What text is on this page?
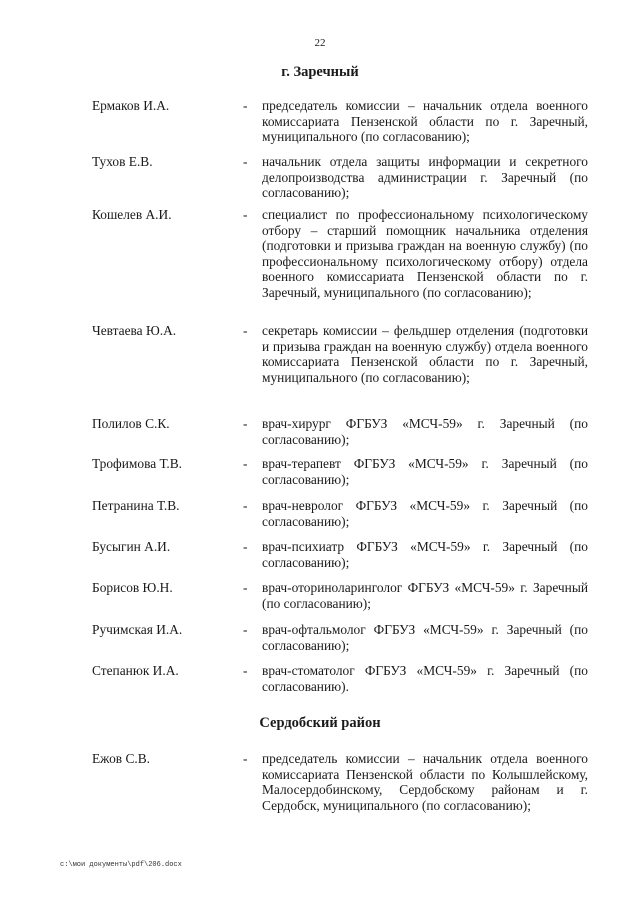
22
г. Заречный
Ермаков И.А.	- председатель комиссии – начальник отдела военного комиссариата Пензенской области по г. Заречный, муниципального (по согласованию);
Тухов Е.В.	- начальник отдела защиты информации и секретного делопроизводства администрации г. Заречный (по согласованию);
Кошелев А.И.	- специалист по профессиональному психологическому отбору – старший помощник начальника отделения (подготовки и призыва граждан на военную службу) (по профессиональному психологическому отбору) отдела военного комиссариата Пензенской области по г. Заречный, муниципального (по согласованию);
Чевтаева Ю.А.	- секретарь комиссии – фельдшер отделения (подготовки и призыва граждан на военную службу) отдела военного комиссариата Пензенской области по г. Заречный, муниципального (по согласованию);
Полилов С.К.	- врач-хирург ФГБУЗ «МСЧ-59» г. Заречный (по согласованию);
Трофимова Т.В.	- врач-терапевт ФГБУЗ «МСЧ-59» г. Заречный (по согласованию);
Петранина Т.В.	- врач-невролог ФГБУЗ «МСЧ-59» г. Заречный (по согласованию);
Бусыгин А.И.	- врач-психиатр ФГБУЗ «МСЧ-59» г. Заречный (по согласованию);
Борисов Ю.Н.	- врач-оториноларинголог ФГБУЗ «МСЧ-59» г. Заречный (по согласованию);
Ручимская И.А.	- врач-офтальмолог ФГБУЗ «МСЧ-59» г. Заречный (по согласованию);
Степанюк И.А.	- врач-стоматолог ФГБУЗ «МСЧ-59» г. Заречный (по согласованию).
Сердобский район
Ежов С.В.	- председатель комиссии – начальник отдела военного комиссариата Пензенской области по Колышлейскому, Малосердобинскому, Сердобскому районам и г. Сердобск, муниципального (по согласованию);
c:\мои документы\pdf\206.docx
